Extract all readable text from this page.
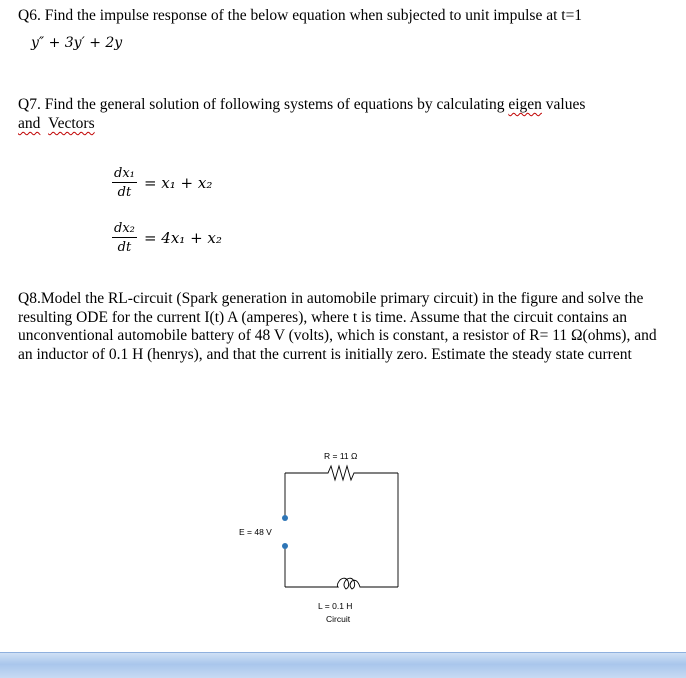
Q6. Find the impulse response of the below equation when subjected to unit impulse at t=1
y″ + 3y′ + 2y
Q7. Find the general solution of following systems of equations by calculating eigen values
and Vectors
$\frac{\text{dx₁}}{dt} = x_1 + x_2$
$\frac{\text{dx₂}}{dt} = 4x_1 + x_2$
Q8.Model the RL-circuit (Spark generation in automobile primary circuit) in the figure and solve the resulting ODE for the current I(t) A (amperes), where t is time. Assume that the circuit contains an unconventional automobile battery of 48 V (volts), which is constant, a resistor of R= 11 Ω(ohms), and an inductor of 0.1 H (henrys), and that the current is initially zero. Estimate the steady state current
R = 11 Ω
E = 48 V
L = 0.1 H
Circuit
